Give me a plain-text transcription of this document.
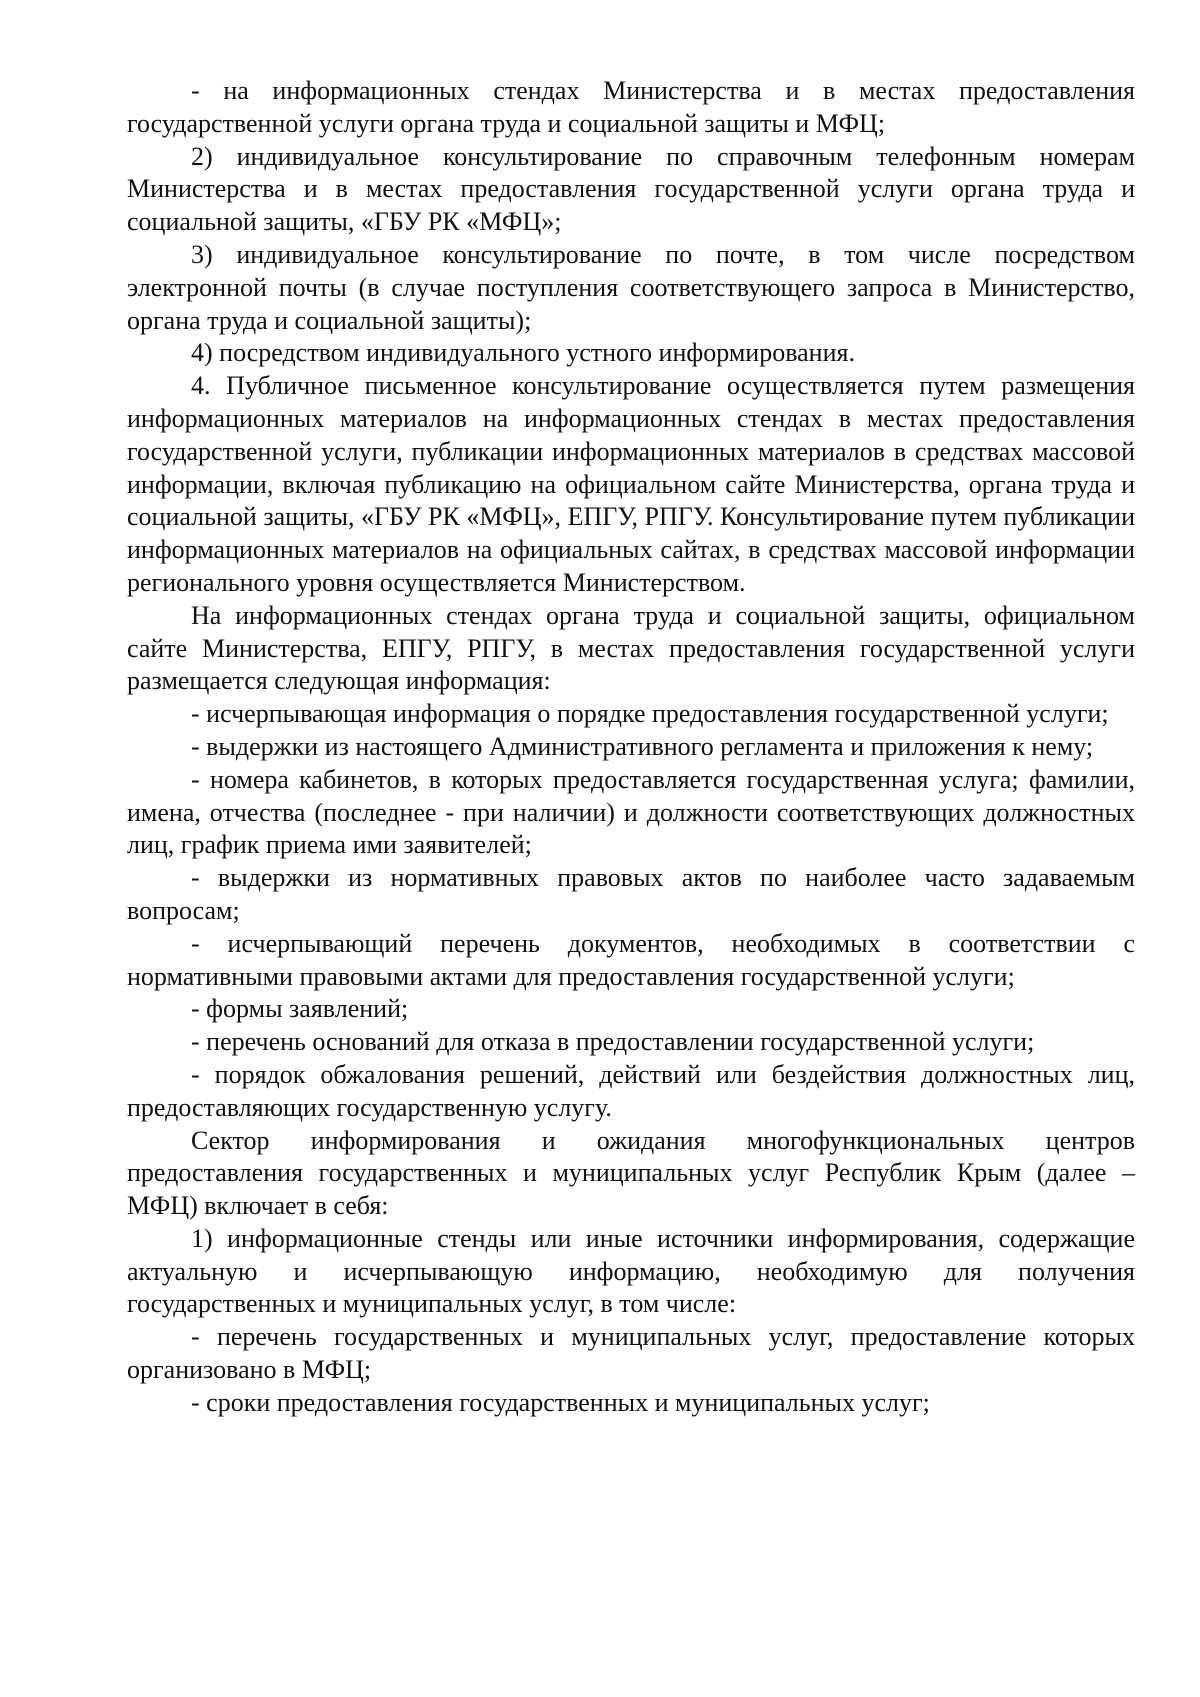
- на информационных стендах Министерства и в местах предоставления государственной услуги органа труда и социальной защиты и МФЦ;

2) индивидуальное консультирование по справочным телефонным номерам Министерства и в местах предоставления государственной услуги органа труда и социальной защиты, «ГБУ РК «МФЦ»;

3) индивидуальное консультирование по почте, в том числе посредством электронной почты (в случае поступления соответствующего запроса в Министерство, органа труда и социальной защиты);

4) посредством индивидуального устного информирования.

4. Публичное письменное консультирование осуществляется путем размещения информационных материалов на информационных стендах в местах предоставления государственной услуги, публикации информационных материалов в средствах массовой информации, включая публикацию на официальном сайте Министерства, органа труда и социальной защиты, «ГБУ РК «МФЦ», ЕПГУ, РПГУ. Консультирование путем публикации информационных материалов на официальных сайтах, в средствах массовой информации регионального уровня осуществляется Министерством.

На информационных стендах органа труда и социальной защиты, официальном сайте Министерства, ЕПГУ, РПГУ, в местах предоставления государственной услуги размещается следующая информация:

- исчерпывающая информация о порядке предоставления государственной услуги;

- выдержки из настоящего Административного регламента и приложения к нему;

- номера кабинетов, в которых предоставляется государственная услуга; фамилии, имена, отчества (последнее - при наличии) и должности соответствующих должностных лиц, график приема ими заявителей;

- выдержки из нормативных правовых актов по наиболее часто задаваемым вопросам;

- исчерпывающий перечень документов, необходимых в соответствии с нормативными правовыми актами для предоставления государственной услуги;

- формы заявлений;

- перечень оснований для отказа в предоставлении государственной услуги;

- порядок обжалования решений, действий или бездействия должностных лиц, предоставляющих государственную услугу.

Сектор информирования и ожидания многофункциональных центров предоставления государственных и муниципальных услуг Республик Крым (далее – МФЦ) включает в себя:

1) информационные стенды или иные источники информирования, содержащие актуальную и исчерпывающую информацию, необходимую для получения государственных и муниципальных услуг, в том числе:

- перечень государственных и муниципальных услуг, предоставление которых организовано в МФЦ;

- сроки предоставления государственных и муниципальных услуг;
